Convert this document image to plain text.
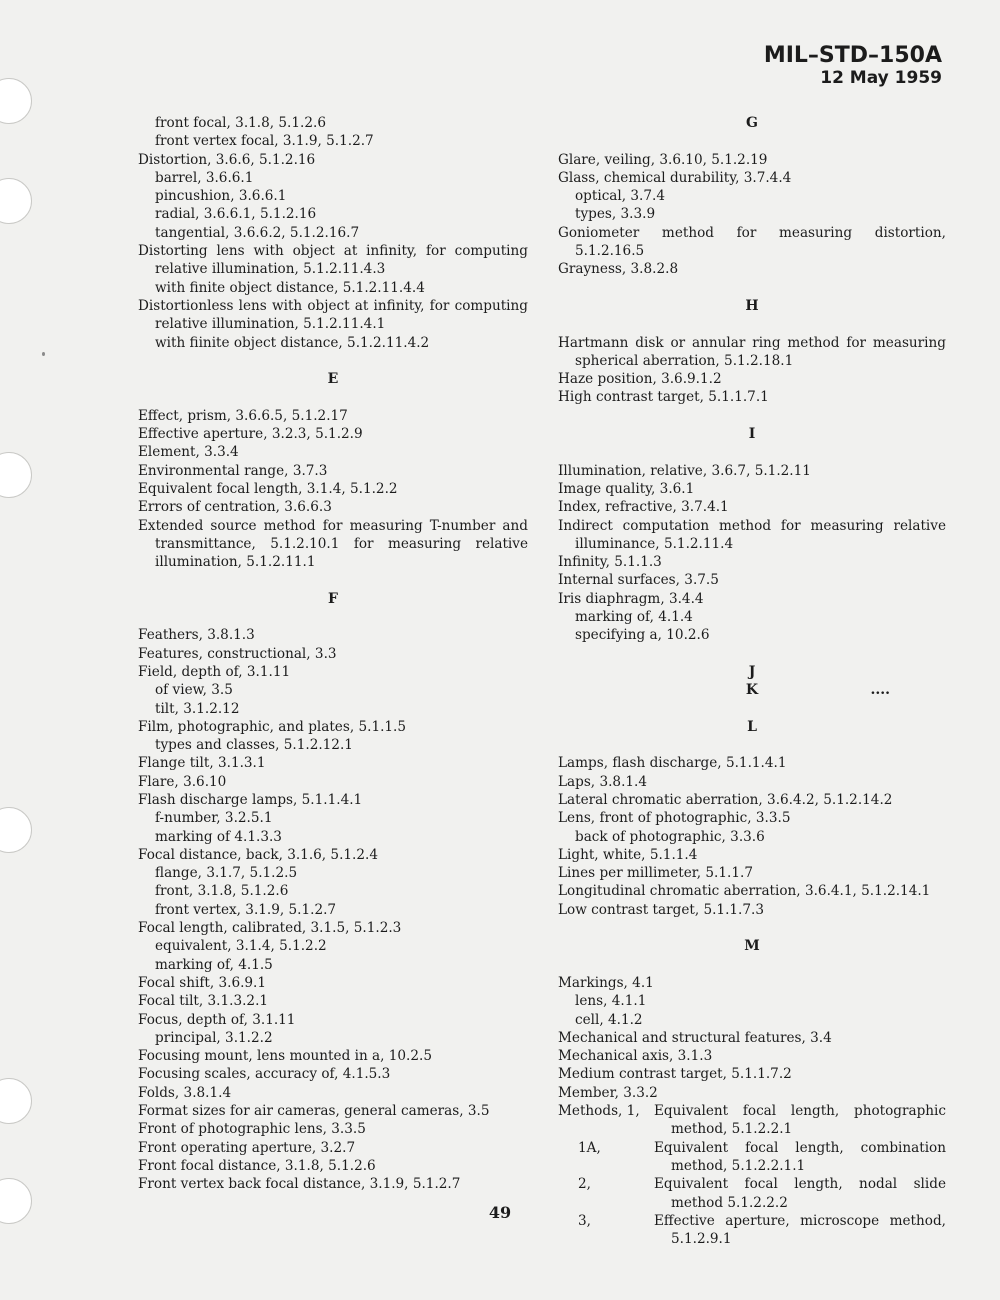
MIL–STD–150A
12 May 1959
front focal, 3.1.8, 5.1.2.6
front vertex focal, 3.1.9, 5.1.2.7
Distortion, 3.6.6, 5.1.2.16
barrel, 3.6.6.1
pincushion, 3.6.6.1
radial, 3.6.6.1, 5.1.2.16
tangential, 3.6.6.2, 5.1.2.16.7
Distorting lens with object at infinity, for computing relative illumination, 5.1.2.11.4.3
with finite object distance, 5.1.2.11.4.4
Distortionless lens with object at infinity, for computing relative illumination, 5.1.2.11.4.1
with fiinite object distance, 5.1.2.11.4.2
E
Effect, prism, 3.6.6.5, 5.1.2.17
Effective aperture, 3.2.3, 5.1.2.9
Element, 3.3.4
Environmental range, 3.7.3
Equivalent focal length, 3.1.4, 5.1.2.2
Errors of centration, 3.6.6.3
Extended source method for measuring T-number and transmittance, 5.1.2.10.1 for measuring relative illumination, 5.1.2.11.1
F
Feathers, 3.8.1.3
Features, constructional, 3.3
Field, depth of, 3.1.11
of view, 3.5
tilt, 3.1.2.12
Film, photographic, and plates, 5.1.1.5
types and classes, 5.1.2.12.1
Flange tilt, 3.1.3.1
Flare, 3.6.10
Flash discharge lamps, 5.1.1.4.1
f-number, 3.2.5.1
marking of 4.1.3.3
Focal distance, back, 3.1.6, 5.1.2.4
flange, 3.1.7, 5.1.2.5
front, 3.1.8, 5.1.2.6
front vertex, 3.1.9, 5.1.2.7
Focal length, calibrated, 3.1.5, 5.1.2.3
equivalent, 3.1.4, 5.1.2.2
marking of, 4.1.5
Focal shift, 3.6.9.1
Focal tilt, 3.1.3.2.1
Focus, depth of, 3.1.11
principal, 3.1.2.2
Focusing mount, lens mounted in a, 10.2.5
Focusing scales, accuracy of, 4.1.5.3
Folds, 3.8.1.4
Format sizes for air cameras, general cameras, 3.5
Front of photographic lens, 3.3.5
Front operating aperture, 3.2.7
Front focal distance, 3.1.8, 5.1.2.6
Front vertex back focal distance, 3.1.9, 5.1.2.7
G
Glare, veiling, 3.6.10, 5.1.2.19
Glass, chemical durability, 3.7.4.4
optical, 3.7.4
types, 3.3.9
Goniometer method for measuring distortion, 5.1.2.16.5
Grayness, 3.8.2.8
H
Hartmann disk or annular ring method for measuring spherical aberration, 5.1.2.18.1
Haze position, 3.6.9.1.2
High contrast target, 5.1.1.7.1
I
Illumination, relative, 3.6.7, 5.1.2.11
Image quality, 3.6.1
Index, refractive, 3.7.4.1
Indirect computation method for measuring relative illuminance, 5.1.2.11.4
Infinity, 5.1.1.3
Internal surfaces, 3.7.5
Iris diaphragm, 3.4.4
marking of, 4.1.4
specifying a, 10.2.6
J
K	....
L
Lamps, flash discharge, 5.1.1.4.1
Laps, 3.8.1.4
Lateral chromatic aberration, 3.6.4.2, 5.1.2.14.2
Lens, front of photographic, 3.3.5
back of photographic, 3.3.6
Light, white, 5.1.1.4
Lines per millimeter, 5.1.1.7
Longitudinal chromatic aberration, 3.6.4.1, 5.1.2.14.1
Low contrast target, 5.1.1.7.3
M
Markings, 4.1
lens, 4.1.1
cell, 4.1.2
Mechanical and structural features, 3.4
Mechanical axis, 3.1.3
Medium contrast target, 5.1.1.7.2
Member, 3.3.2
Methods, 1,	Equivalent focal length, photographic method, 5.1.2.2.1
1A,	Equivalent focal length, combination method, 5.1.2.2.1.1
2,	Equivalent focal length, nodal slide method 5.1.2.2.2
3,	Effective aperture, microscope method, 5.1.2.9.1
49
